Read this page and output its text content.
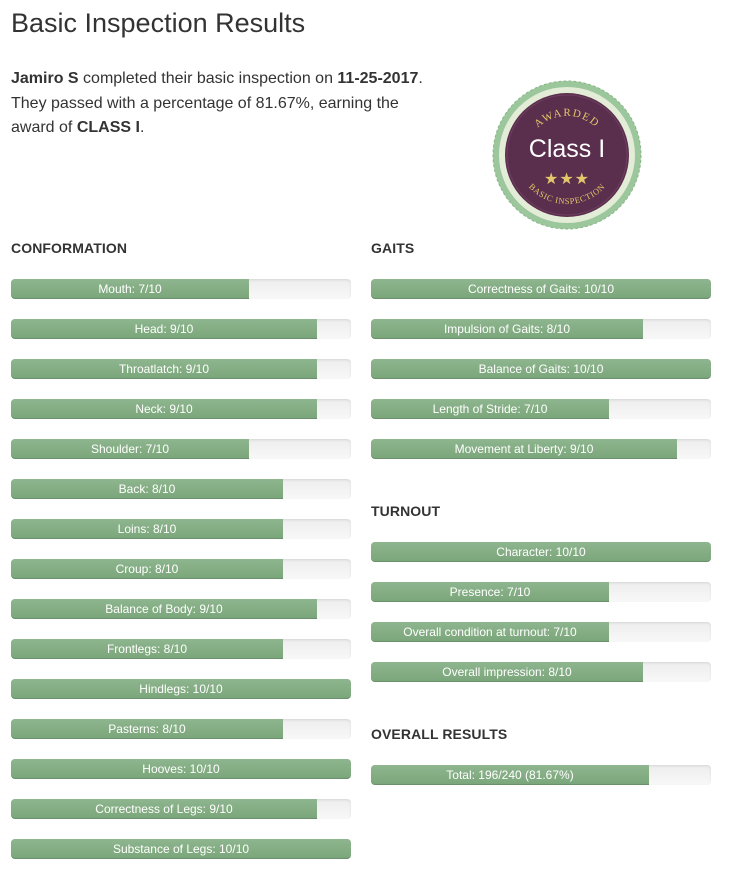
Basic Inspection Results

Jamiro S completed their basic inspection on 11-25-2017.
They passed with a percentage of 81.67%, earning the
award of CLASS I.	AWARDED
Class I
★★★
BASIC INSPECTION
CONFORMATION
Mouth: 7/10
Head: 9/10
Throatlatch: 9/10
Neck: 9/10
Shoulder: 7/10
Back: 8/10
Loins: 8/10
Croup: 8/10
Balance of Body: 9/10
Frontlegs: 8/10
Hindlegs: 10/10
Pasterns: 8/10
Hooves: 10/10
Correctness of Legs: 9/10
Substance of Legs: 10/10
GAITS
Correctness of Gaits: 10/10
Impulsion of Gaits: 8/10
Balance of Gaits: 10/10
Length of Stride: 7/10
Movement at Liberty: 9/10
TURNOUT
Character: 10/10
Presence: 7/10
Overall condition at turnout: 7/10
Overall impression: 8/10
OVERALL RESULTS
Total: 196/240 (81.67%)
